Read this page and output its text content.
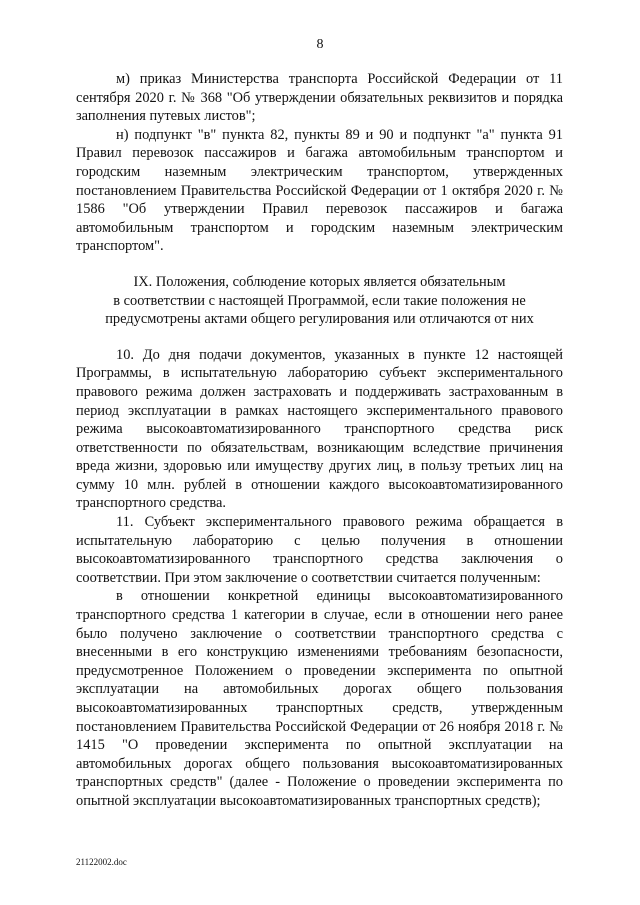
8

м) приказ Министерства транспорта Российской Федерации от 11 сентября 2020 г. № 368 "Об утверждении обязательных реквизитов и порядка заполнения путевых листов";

н) подпункт "в" пункта 82, пункты 89 и 90 и подпункт "а" пункта 91 Правил перевозок пассажиров и багажа автомобильным транспортом и городским наземным электрическим транспортом, утвержденных постановлением Правительства Российской Федерации от 1 октября 2020 г. № 1586 "Об утверждении Правил перевозок пассажиров и багажа автомобильным транспортом и городским наземным электрическим транспортом".

IX. Положения, соблюдение которых является обязательным
в соответствии с настоящей Программой, если такие положения не
предусмотрены актами общего регулирования или отличаются от них

10. До дня подачи документов, указанных в пункте 12 настоящей Программы, в испытательную лабораторию субъект экспериментального правового режима должен застраховать и поддерживать застрахованным в период эксплуатации в рамках настоящего экспериментального правового режима высокоавтоматизированного транспортного средства риск ответственности по обязательствам, возникающим вследствие причинения вреда жизни, здоровью или имуществу других лиц, в пользу третьих лиц на сумму 10 млн. рублей в отношении каждого высокоавтоматизированного транспортного средства.

11. Субъект экспериментального правового режима обращается в испытательную лабораторию с целью получения в отношении высокоавтоматизированного транспортного средства заключения о соответствии. При этом заключение о соответствии считается полученным:

в отношении конкретной единицы высокоавтоматизированного транспортного средства 1 категории в случае, если в отношении него ранее было получено заключение о соответствии транспортного средства с внесенными в его конструкцию изменениями требованиям безопасности, предусмотренное Положением о проведении эксперимента по опытной эксплуатации на автомобильных дорогах общего пользования высокоавтоматизированных транспортных средств, утвержденным постановлением Правительства Российской Федерации от 26 ноября 2018 г. № 1415 "О проведении эксперимента по опытной эксплуатации на автомобильных дорогах общего пользования высокоавтоматизированных транспортных средств" (далее - Положение о проведении эксперимента по опытной эксплуатации высокоавтоматизированных транспортных средств);

21122002.doc
